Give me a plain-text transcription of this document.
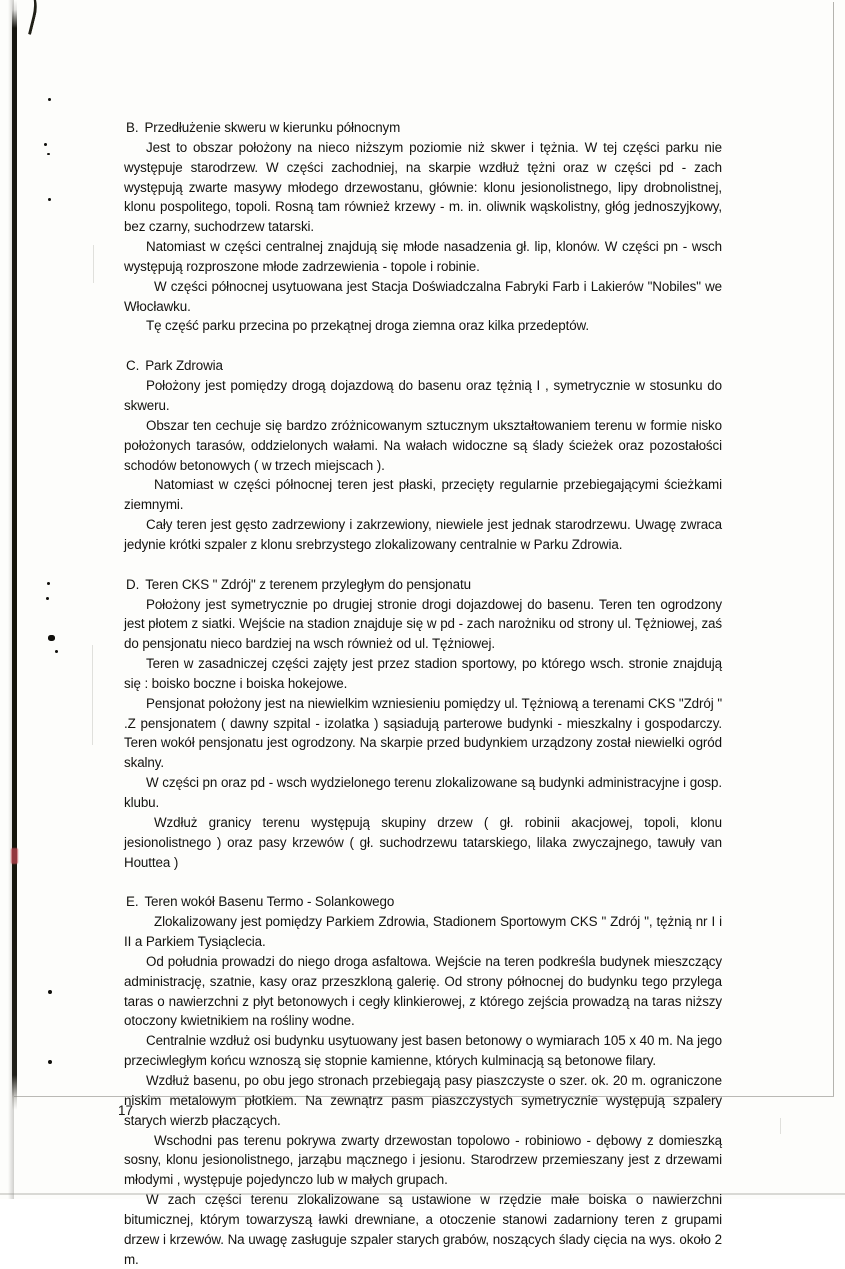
B. Przedłużenie skweru w kierunku północnym

Jest to obszar położony na nieco niższym poziomie niż skwer i tężnia. W tej części parku nie występuje starodrzew. W części zachodniej, na skarpie wzdłuż tężni oraz w części pd - zach występują zwarte masywy młodego drzewostanu, głównie: klonu jesionolistnego, lipy drobnolistnej, klonu pospolitego, topoli. Rosną tam również krzewy - m. in. oliwnik wąskolistny, głóg jednoszyjkowy, bez czarny, suchodrzew tatarski.

Natomiast w części centralnej znajdują się młode nasadzenia gł. lip, klonów. W części pn - wsch występują rozproszone młode zadrzewienia - topole i robinie.

W części północnej usytuowana jest Stacja Doświadczalna Fabryki Farb i Lakierów "Nobiles" we Włocławku.

Tę część parku przecina po przekątnej droga ziemna oraz kilka przedeptów.

C. Park Zdrowia

Położony jest pomiędzy drogą dojazdową do basenu oraz tężnią I , symetrycznie w stosunku do skweru.

Obszar ten cechuje się bardzo zróżnicowanym sztucznym ukształtowaniem terenu w formie nisko położonych tarasów, oddzielonych wałami. Na wałach widoczne są ślady ścieżek oraz pozostałości schodów betonowych ( w trzech miejscach ).

Natomiast w części północnej teren jest płaski, przecięty regularnie przebiegającymi ścieżkami ziemnymi.

Cały teren jest gęsto zadrzewiony i zakrzewiony, niewiele jest jednak starodrzewu. Uwagę zwraca jedynie krótki szpaler z klonu srebrzystego zlokalizowany centralnie w Parku Zdrowia.

D. Teren CKS " Zdrój" z terenem przyległym do pensjonatu

Położony jest symetrycznie po drugiej stronie drogi dojazdowej do basenu. Teren ten ogrodzony jest płotem z siatki. Wejście na stadion znajduje się w pd - zach narożniku od strony ul. Tężniowej, zaś do pensjonatu nieco bardziej na wsch również od ul. Tężniowej.

Teren w zasadniczej części zajęty jest przez stadion sportowy, po którego wsch. stronie znajdują się : boisko boczne i boiska hokejowe.

Pensjonat położony jest na niewielkim wzniesieniu pomiędzy ul. Tężniową a terenami CKS "Zdrój " .Z pensjonatem ( dawny szpital - izolatka ) sąsiadują parterowe budynki - mieszkalny i gospodarczy. Teren wokół pensjonatu jest ogrodzony. Na skarpie przed budynkiem urządzony został niewielki ogród skalny.

W części pn oraz pd - wsch wydzielonego terenu zlokalizowane są budynki administracyjne i gosp. klubu.

Wzdłuż granicy terenu występują skupiny drzew ( gł. robinii akacjowej, topoli, klonu jesionolistnego ) oraz pasy krzewów ( gł. suchodrzewu tatarskiego, lilaka zwyczajnego, tawuły van Houttea )

E. Teren wokół Basenu Termo - Solankowego

Zlokalizowany jest pomiędzy Parkiem Zdrowia, Stadionem Sportowym CKS " Zdrój ", tężnią nr I i II a Parkiem Tysiąclecia.

Od południa prowadzi do niego droga asfaltowa. Wejście na teren podkreśla budynek mieszczący administrację, szatnie, kasy oraz przeszkloną galerię. Od strony północnej do budynku tego przylega taras o nawierzchni z płyt betonowych i cegły klinkierowej, z którego zejścia prowadzą na taras niższy otoczony kwietnikiem na rośliny wodne.

Centralnie wzdłuż osi budynku usytuowany jest basen betonowy o wymiarach 105 x 40 m. Na jego przeciwległym końcu wznoszą się stopnie kamienne, których kulminacją są betonowe filary.

Wzdłuż basenu, po obu jego stronach przebiegają pasy piaszczyste o szer. ok. 20 m. ograniczone niskim metalowym płotkiem. Na zewnątrz pasm piaszczystych symetrycznie występują szpalery starych wierzb płaczących.

Wschodni pas terenu pokrywa zwarty drzewostan topolowo - robiniowo - dębowy z domieszką sosny, klonu jesionolistnego, jarząbu mącznego i jesionu. Starodrzew przemieszany jest z drzewami młodymi , występuje pojedynczo lub w małych grupach.

W zach części terenu zlokalizowane są ustawione w rzędzie małe boiska o nawierzchni bitumicznej, którym towarzyszą ławki drewniane, a otoczenie stanowi zadarniony teren z grupami drzew i krzewów. Na uwagę zasługuje szpaler starych grabów, noszących ślady cięcia na wys. około 2 m.

17
